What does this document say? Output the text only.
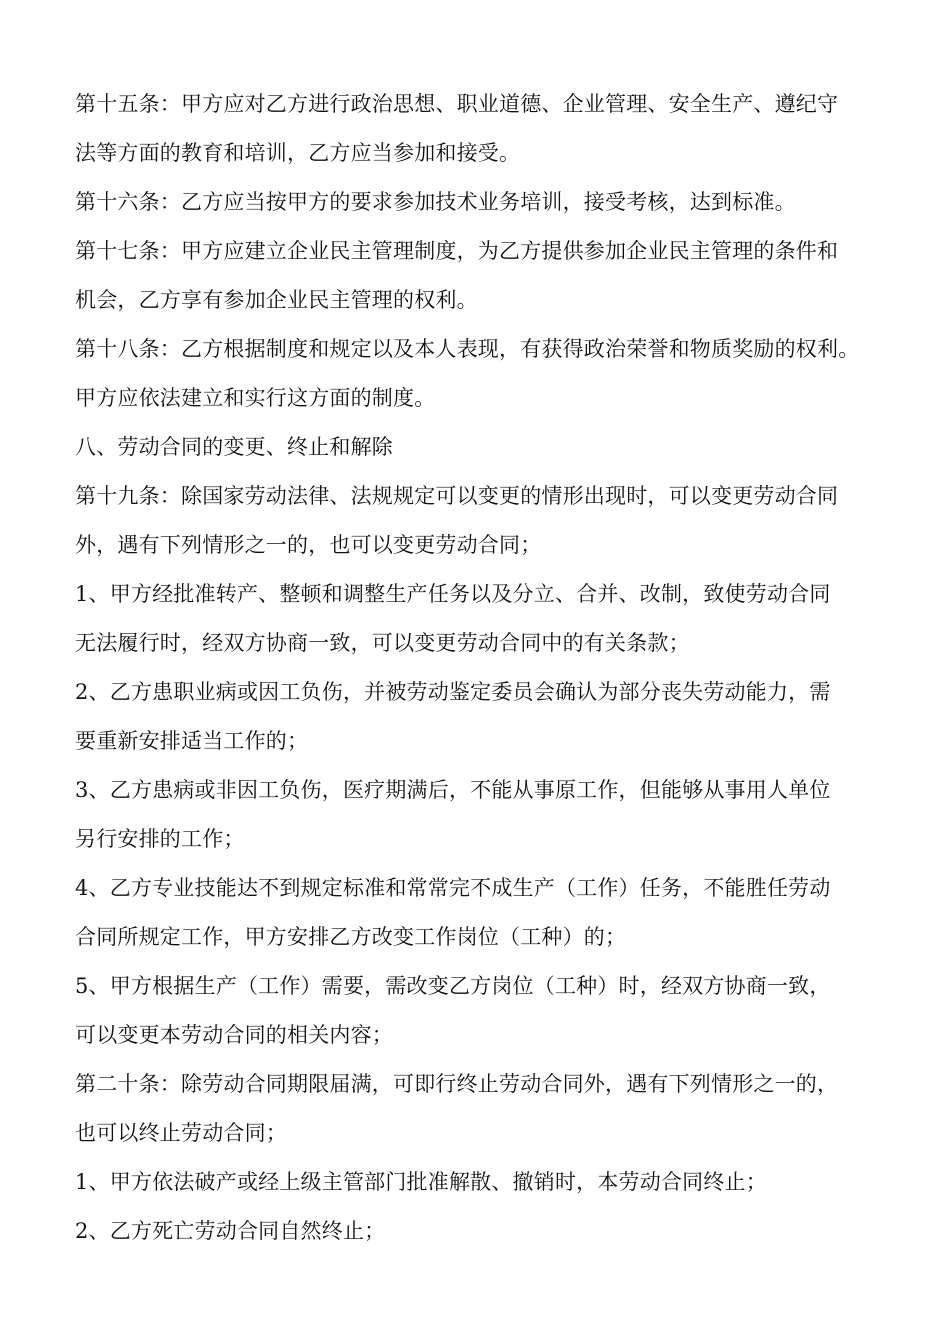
第十五条：甲方应对乙方进行政治思想、职业道德、企业管理、安全生产、遵纪守
法等方面的教育和培训，乙方应当参加和接受。
第十六条：乙方应当按甲方的要求参加技术业务培训，接受考核，达到标准。
第十七条：甲方应建立企业民主管理制度，为乙方提供参加企业民主管理的条件和
机会，乙方享有参加企业民主管理的权利。
第十八条：乙方根据制度和规定以及本人表现，有获得政治荣誉和物质奖励的权利。
甲方应依法建立和实行这方面的制度。
八、劳动合同的变更、终止和解除
第十九条：除国家劳动法律、法规规定可以变更的情形出现时，可以变更劳动合同
外，遇有下列情形之一的，也可以变更劳动合同；
1、甲方经批准转产、整顿和调整生产任务以及分立、合并、改制，致使劳动合同
无法履行时，经双方协商一致，可以变更劳动合同中的有关条款；
2、乙方患职业病或因工负伤，并被劳动鉴定委员会确认为部分丧失劳动能力，需
要重新安排适当工作的；
3、乙方患病或非因工负伤，医疗期满后，不能从事原工作，但能够从事用人单位
另行安排的工作；
4、乙方专业技能达不到规定标准和常常完不成生产（工作）任务，不能胜任劳动
合同所规定工作，甲方安排乙方改变工作岗位（工种）的；
5、甲方根据生产（工作）需要，需改变乙方岗位（工种）时，经双方协商一致，
可以变更本劳动合同的相关内容；
第二十条：除劳动合同期限届满，可即行终止劳动合同外，遇有下列情形之一的，
也可以终止劳动合同；
1、甲方依法破产或经上级主管部门批准解散、撤销时，本劳动合同终止；
2、乙方死亡劳动合同自然终止；
